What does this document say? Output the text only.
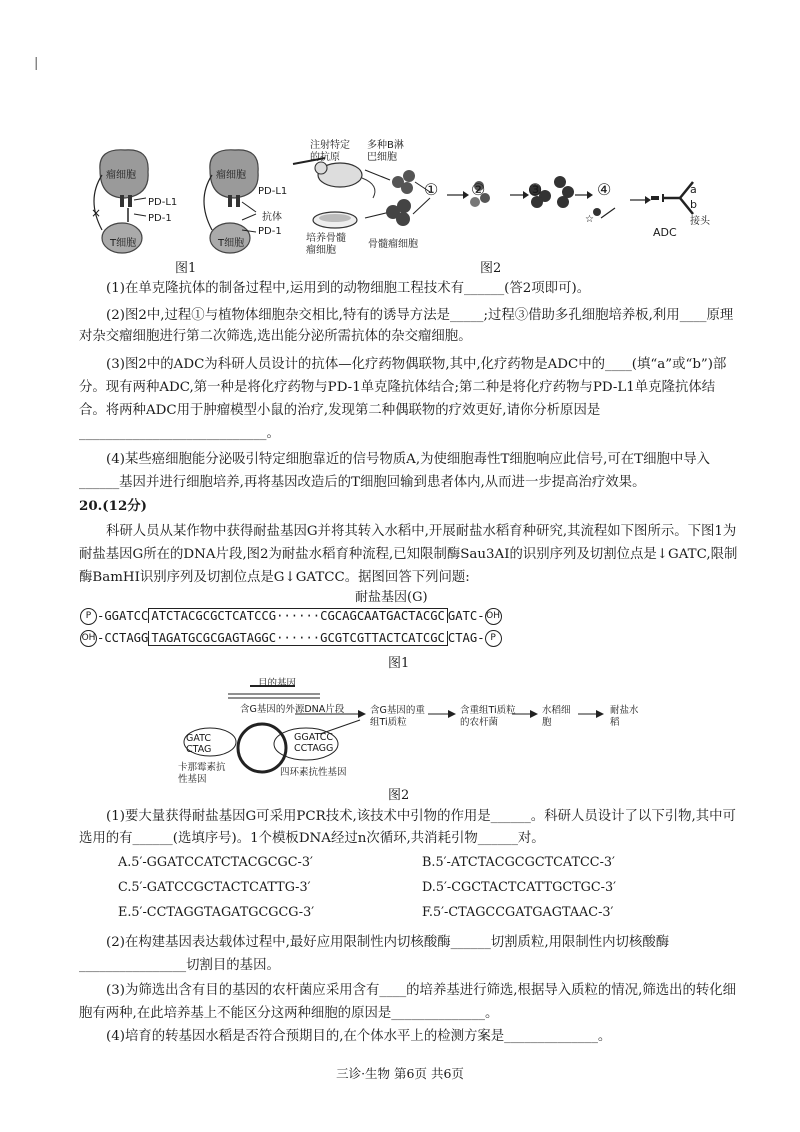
|
瘤细胞	瘤细胞
PD-L1
PD-1
×
T细胞
PD-L1
抗体
PD-1
T细胞
图1
☆
注射特定的抗原
多种B淋巴细胞
培养骨髓瘤细胞
骨髓瘤细胞
① ②	③	④	a
b
接头
ADC
图2
(1)在单克隆抗体的制备过程中,运用到的动物细胞工程技术有______(答2项即可)。
(2)图2中,过程①与植物体细胞杂交相比,特有的诱导方法是_____;过程③借助多孔细胞培养板,利用____原理对杂交瘤细胞进行第二次筛选,选出能分泌所需抗体的杂交瘤细胞。
(3)图2中的ADC为科研人员设计的抗体—化疗药物偶联物,其中,化疗药物是ADC中的____(填“a”或“b”)部分。现有两种ADC,第一种是将化疗药物与PD-1单克隆抗体结合;第二种是将化疗药物与PD-L1单克隆抗体结合。将两种ADC用于肿瘤模型小鼠的治疗,发现第二种偶联物的疗效更好,请你分析原因是____________________________。
(4)某些癌细胞能分泌吸引特定细胞靠近的信号物质A,为使细胞毒性T细胞响应此信号,可在T细胞中导入______基因并进行细胞培养,再将基因改造后的T细胞回输到患者体内,从而进一步提高治疗效果。
20.(12分)
科研人员从某作物中获得耐盐基因G并将其转入水稻中,开展耐盐水稻育种研究,其流程如下图所示。下图1为耐盐基因G所在的DNA片段,图2为耐盐水稻育种流程,已知限制酶Sau3AⅠ的识别序列及切割位点是↓GATC,限制酶BamHⅠ识别序列及切割位点是G↓GATCC。据图回答下列问题:
耐盐基因(G)
P -GGATCC ATCTACGCGCTCATCCG······CGCAGCAATGACTACGC GATC- OH
OH -CCTAGG TAGATGCGCGAGTAGGC······GCGTCGTTACTCATCGC CTAG- P
图1
目的基因
含G基因的外源DNA片段
GATC
CTAG
GGATCC
CCTAGG
卡那霉素抗性基因
四环素抗性基因
含G基因的重组Ti质粒
含重组Ti质粒的农杆菌
水稻细胞
耐盐水稻
图2
(1)要大量获得耐盐基因G可采用PCR技术,该技术中引物的作用是______。科研人员设计了以下引物,其中可选用的有______(选填序号)。1个模板DNA经过n次循环,共消耗引物______对。
A.5′-GGATCCATCTACGCGC-3′	B.5′-ATCTACGCGCTCATCC-3′
C.5′-GATCCGCTACTCATTG-3′	D.5′-CGCTACTCATTGCTGC-3′
E.5′-CCTAGGTAGATGCGCG-3′	F.5′-CTAGCCGATGAGTAAC-3′
(2)在构建基因表达载体过程中,最好应用限制性内切核酸酶______切割质粒,用限制性内切核酸酶________________切割目的基因。
(3)为筛选出含有目的基因的农杆菌应采用含有____的培养基进行筛选,根据导入质粒的情况,筛选出的转化细胞有两种,在此培养基上不能区分这两种细胞的原因是______________。
(4)培育的转基因水稻是否符合预期目的,在个体水平上的检测方案是______________。
三诊·生物 第6页 共6页
